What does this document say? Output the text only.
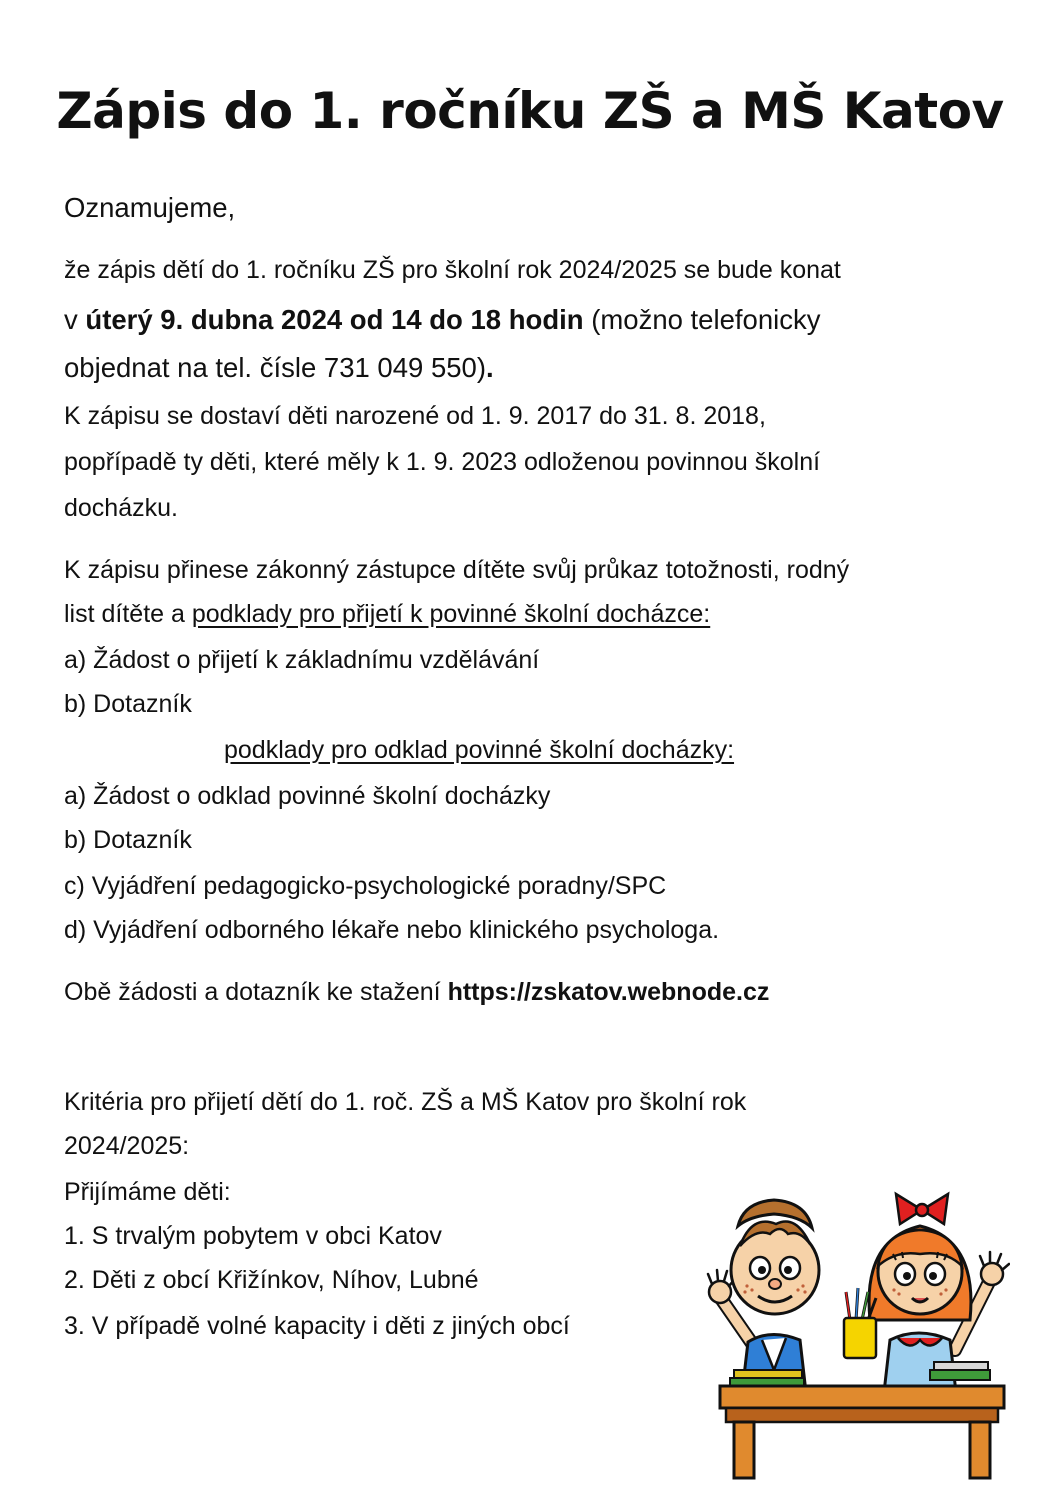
Zápis do 1. ročníku ZŠ a MŠ Katov
Oznamujeme,
že zápis dětí do 1. ročníku ZŠ pro školní rok 2024/2025 se bude konat
v úterý 9. dubna 2024 od 14 do 18 hodin (možno telefonicky
objednat na tel. čísle 731 049 550).
K zápisu se dostaví děti narozené od 1. 9. 2017 do 31. 8. 2018,
popřípadě ty děti, které měly k 1. 9. 2023 odloženou povinnou školní
docházku.
K zápisu přinese zákonný zástupce dítěte svůj průkaz totožnosti, rodný
list dítěte a podklady pro přijetí k povinné školní docházce:
a) Žádost o přijetí k základnímu vzdělávání
b) Dotazník
podklady pro odklad povinné školní docházky:
a) Žádost o odklad povinné školní docházky
b) Dotazník
c) Vyjádření pedagogicko-psychologické poradny/SPC
d) Vyjádření odborného lékaře nebo klinického psychologa.
Obě žádosti a dotazník ke stažení https://zskatov.webnode.cz
Kritéria pro přijetí dětí do 1. roč. ZŠ a MŠ Katov pro školní rok
2024/2025:
Přijímáme děti:
1. S trvalým pobytem v obci Katov
2. Děti z obcí Křižínkov, Níhov, Lubné
3. V případě volné kapacity i děti z jiných obcí
